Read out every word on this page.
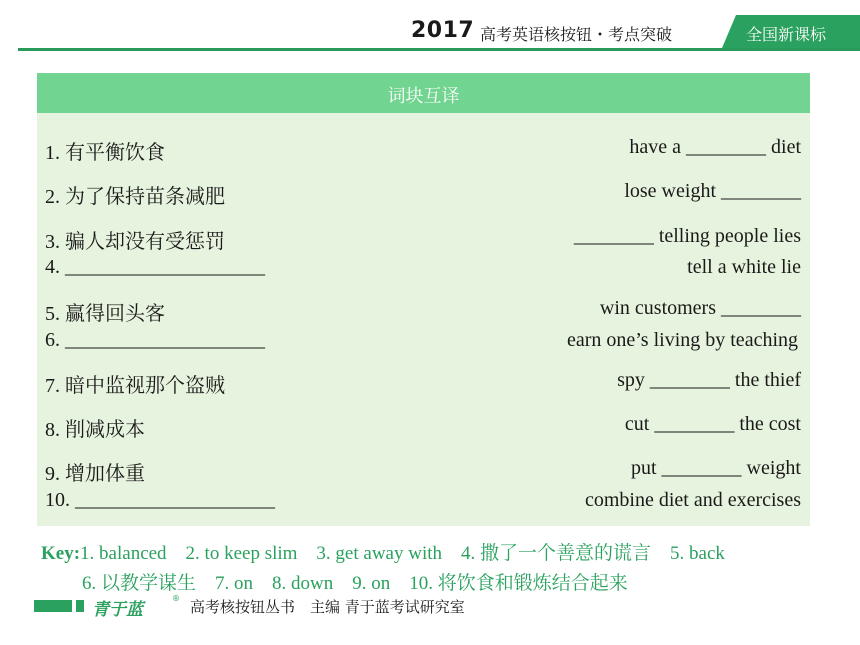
2017 高考英语核按钮・考点突破	全国新课标
词块互译
1. 有平衡饮食	have a ________ diet
2. 为了保持苗条减肥	lose weight ________
3. 骗人却没有受惩罚	________ telling people lies
4. ____________________	tell a white lie
5. 赢得回头客	win customers ________
6. ____________________	earn one’s living by teaching
7. 暗中监视那个盗贼	spy ________ the thief
8. 削减成本	cut ________ the cost
9. 增加体重	put ________ weight
10. ____________________	combine diet and exercises
Key:1. balanced　2. to keep slim　3. get away with　4. 撒了一个善意的谎言　5. back
6. 以教学谋生　7. on　8. down　9. on　10. 将饮食和锻炼结合起来
青于蓝
® 高考核按钮丛书　主编 青于蓝考试研究室
